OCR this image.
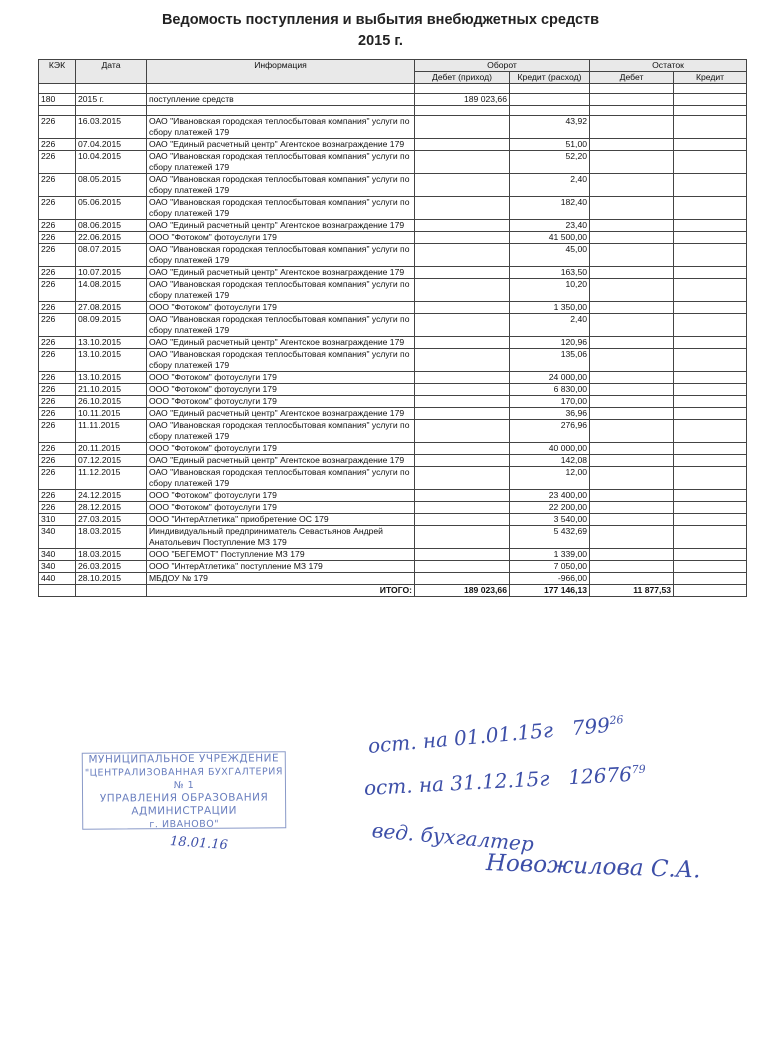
Ведомость поступления и выбытия внебюджетных средств
2015 г.
КЭК	Дата	Информация	Оборот		Остаток	
			Дебет (приход)	Кредит (расход)	Дебет	Кредит

180	2015 г.	поступление средств	189 023,66			

226	16.03.2015	ОАО "Ивановская городская теплосбытовая компания" услуги по сбору платежей 179		43,92		
226	07.04.2015	ОАО "Единый расчетный центр" Агентское вознаграждение 179		51,00		
226	10.04.2015	ОАО "Ивановская городская теплосбытовая компания" услуги по сбору платежей 179		52,20		
226	08.05.2015	ОАО "Ивановская городская теплосбытовая компания" услуги по сбору платежей 179		2,40		
226	05.06.2015	ОАО "Ивановская городская теплосбытовая компания" услуги по сбору платежей 179		182,40		
226	08.06.2015	ОАО "Единый расчетный центр" Агентское вознаграждение 179		23,40		
226	22.06.2015	ООО "Фотоком" фотоуслуги 179		41 500,00		
226	08.07.2015	ОАО "Ивановская городская теплосбытовая компания" услуги по сбору платежей 179		45,00		
226	10.07.2015	ОАО "Единый расчетный центр" Агентское вознаграждение 179		163,50		
226	14.08.2015	ОАО "Ивановская городская теплосбытовая компания" услуги по сбору платежей 179		10,20		
226	27.08.2015	ООО "Фотоком" фотоуслуги 179		1 350,00		
226	08.09.2015	ОАО "Ивановская городская теплосбытовая компания" услуги по сбору платежей 179		2,40		
226	13.10.2015	ОАО "Единый расчетный центр" Агентское вознаграждение 179		120,96		
226	13.10.2015	ОАО "Ивановская городская теплосбытовая компания" услуги по сбору платежей 179		135,06		
226	13.10.2015	ООО "Фотоком" фотоуслуги 179		24 000,00		
226	21.10.2015	ООО "Фотоком" фотоуслуги 179		6 830,00		
226	26.10.2015	ООО "Фотоком" фотоуслуги 179		170,00		
226	10.11.2015	ОАО "Единый расчетный центр" Агентское вознаграждение 179		36,96		
226	11.11.2015	ОАО "Ивановская городская теплосбытовая компания" услуги по сбору платежей 179		276,96		
226	20.11.2015	ООО "Фотоком" фотоуслуги 179		40 000,00		
226	07.12.2015	ОАО "Единый расчетный центр" Агентское вознаграждение 179		142,08		
226	11.12.2015	ОАО "Ивановская городская теплосбытовая компания" услуги по сбору платежей 179		12,00		
226	24.12.2015	ООО "Фотоком" фотоуслуги 179		23 400,00		
226	28.12.2015	ООО "Фотоком" фотоуслуги 179		22 200,00		
310	27.03.2015	ООО "ИнтерАтлетика" приобретение ОС 179		3 540,00		
340	18.03.2015	Ииндивидуальный предприниматель Севастьянов Андрей Анатольевич Поступление МЗ 179		5 432,69		
340	18.03.2015	ООО "БЕГЕМОТ" Поступление МЗ 179		1 339,00		
340	26.03.2015	ООО "ИнтерАтлетика" поступление МЗ 179		7 050,00		
440	28.10.2015	МБДОУ № 179		-966,00		
		ИТОГО:	189 023,66	177 146,13	11 877,53	
МУНИЦИПАЛЬНОЕ УЧРЕЖДЕНИЕ
"ЦЕНТРАЛИЗОВАННАЯ БУХГАЛТЕРИЯ № 1
УПРАВЛЕНИЯ ОБРАЗОВАНИЯ
АДМИНИСТРАЦИИ
г. ИВАНОВО"
18.01.16
ост. на 01.01.15г $799^{26}$
ост. на 31.12.15г 12676$^{79}$
вед. бухгалтер
Новожилова С.А.
